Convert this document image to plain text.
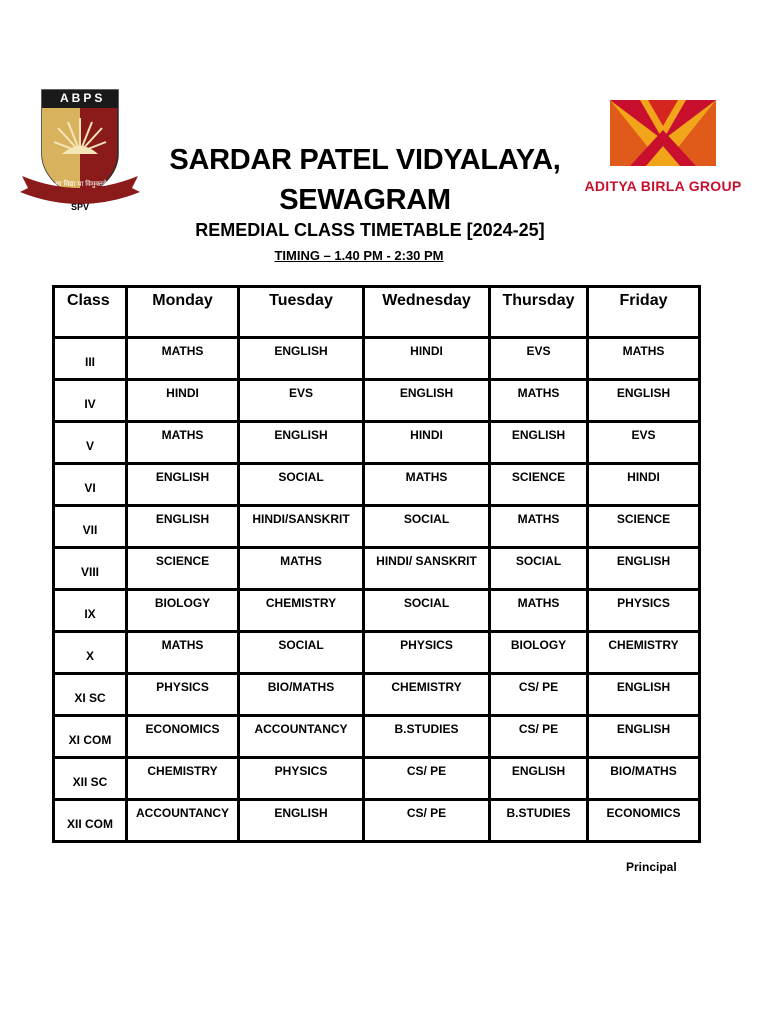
ABPS
सा विद्या या विमुक्तये
SPV
ADITYA BIRLA GROUP
SARDAR PATEL VIDYALAYA,
SEWAGRAM
REMEDIAL CLASS TIMETABLE [2024-25]
TIMING – 1.40 PM - 2:30 PM
Class	Monday	Tuesday	Wednesday	Thursday	Friday
III	MATHS	ENGLISH	HINDI	EVS	MATHS
IV	HINDI	EVS	ENGLISH	MATHS	ENGLISH
V	MATHS	ENGLISH	HINDI	ENGLISH	EVS
VI	ENGLISH	SOCIAL	MATHS	SCIENCE	HINDI
VII	ENGLISH	HINDI/SANSKRIT	SOCIAL	MATHS	SCIENCE
VIII	SCIENCE	MATHS	HINDI/ SANSKRIT	SOCIAL	ENGLISH
IX	BIOLOGY	CHEMISTRY	SOCIAL	MATHS	PHYSICS
X	MATHS	SOCIAL	PHYSICS	BIOLOGY	CHEMISTRY
XI SC	PHYSICS	BIO/MATHS	CHEMISTRY	CS/ PE	ENGLISH
XI COM	ECONOMICS	ACCOUNTANCY	B.STUDIES	CS/ PE	ENGLISH
XII SC	CHEMISTRY	PHYSICS	CS/ PE	ENGLISH	BIO/MATHS
XII COM	ACCOUNTANCY	ENGLISH	CS/ PE	B.STUDIES	ECONOMICS
Principal
